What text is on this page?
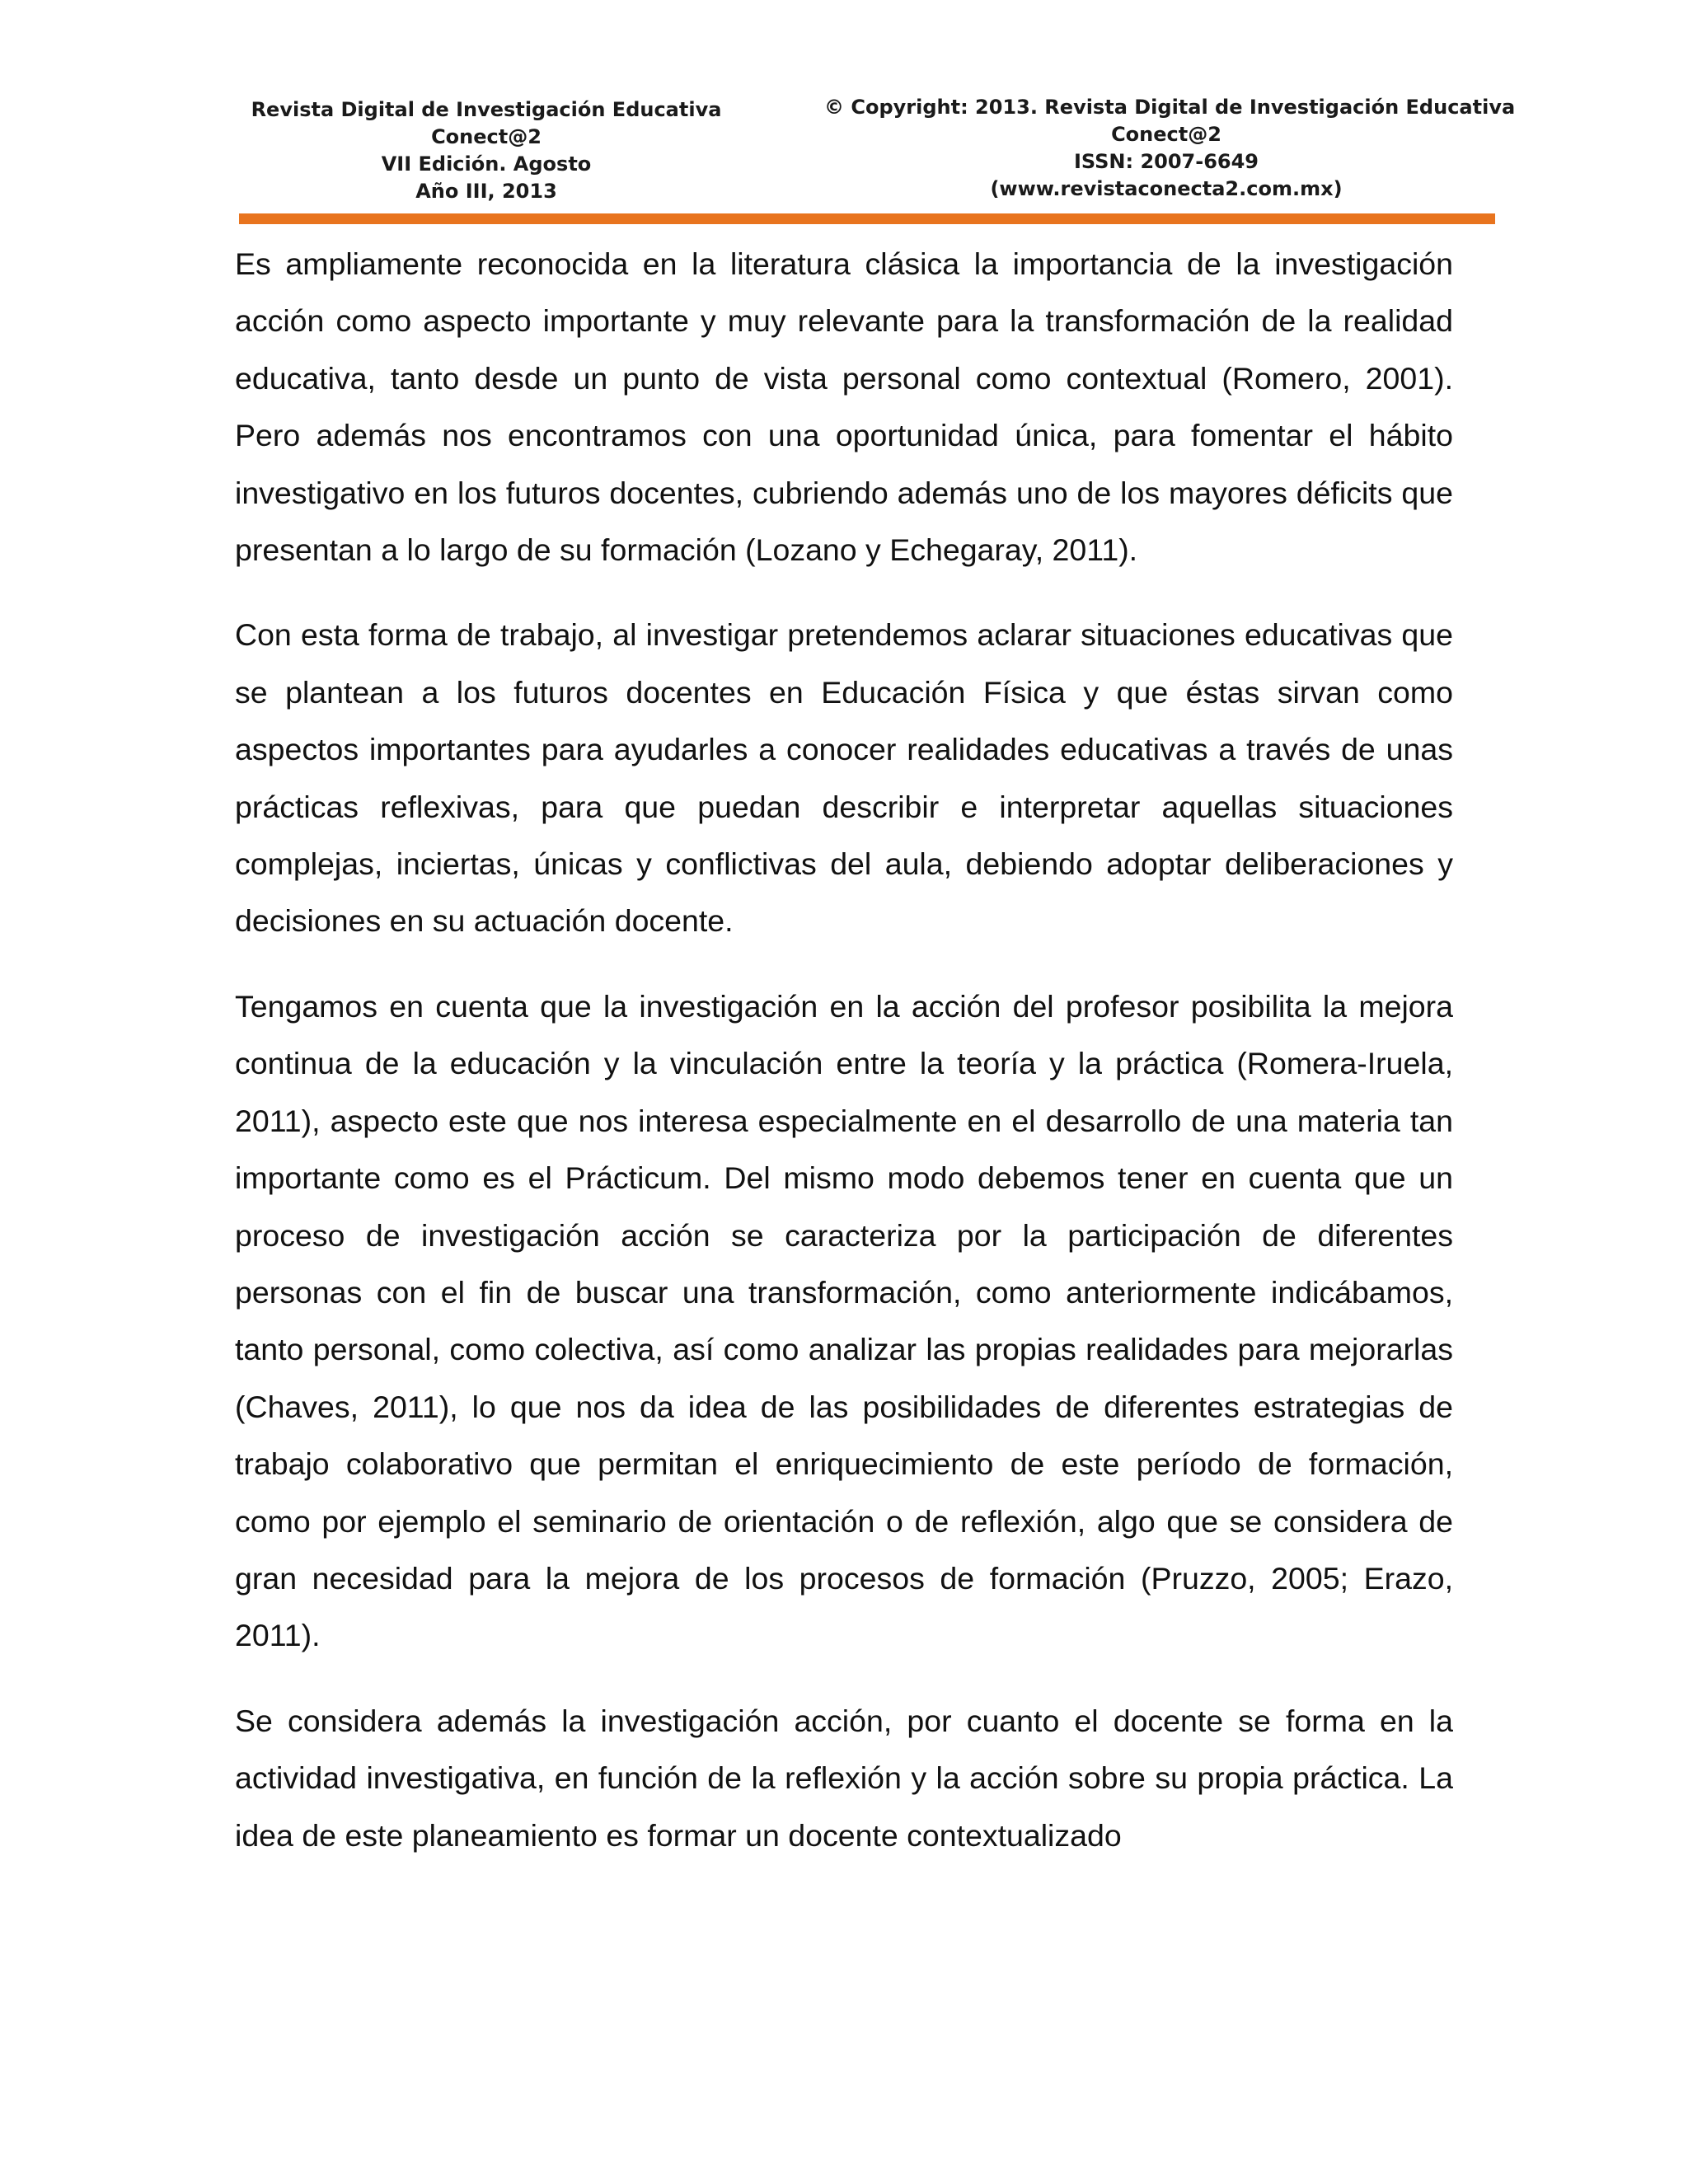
Revista Digital de Investigación Educativa
Conect@2
VII Edición. Agosto
Año III, 2013
© Copyright: 2013. Revista Digital de Investigación Educativa
Conect@2
ISSN: 2007-6649
(www.revistaconecta2.com.mx)

Es ampliamente reconocida en la literatura clásica la importancia de la investigación acción como aspecto importante y muy relevante para la transformación de la realidad educativa, tanto desde un punto de vista personal como contextual (Romero, 2001). Pero además nos encontramos con una oportunidad única, para fomentar el hábito investigativo en los futuros docentes, cubriendo además uno de los mayores déficits que presentan a lo largo de su formación (Lozano y Echegaray, 2011).

Con esta forma de trabajo, al investigar pretendemos aclarar situaciones educativas que se plantean a los futuros docentes en Educación Física y que éstas sirvan como aspectos importantes para ayudarles a conocer realidades educativas a través de unas prácticas reflexivas, para que puedan describir e interpretar aquellas situaciones complejas, inciertas, únicas y conflictivas del aula, debiendo adoptar deliberaciones y decisiones en su actuación docente.

Tengamos en cuenta que la investigación en la acción del profesor posibilita la mejora continua de la educación y la vinculación entre la teoría y la práctica (Romera-Iruela, 2011), aspecto este que nos interesa especialmente en el desarrollo de una materia tan importante como es el Prácticum. Del mismo modo debemos tener en cuenta que un proceso de investigación acción se caracteriza por la participación de diferentes personas con el fin de buscar una transformación, como anteriormente indicábamos, tanto personal, como colectiva, así como analizar las propias realidades para mejorarlas (Chaves, 2011), lo que nos da idea de las posibilidades de diferentes estrategias de trabajo colaborativo que permitan el enriquecimiento de este período de formación, como por ejemplo el seminario de orientación o de reflexión, algo que se considera de gran necesidad para la mejora de los procesos de formación (Pruzzo, 2005; Erazo, 2011).

Se considera además la investigación acción, por cuanto el docente se forma en la actividad investigativa, en función de la reflexión y la acción sobre su propia práctica. La idea de este planeamiento es formar un docente contextualizado
